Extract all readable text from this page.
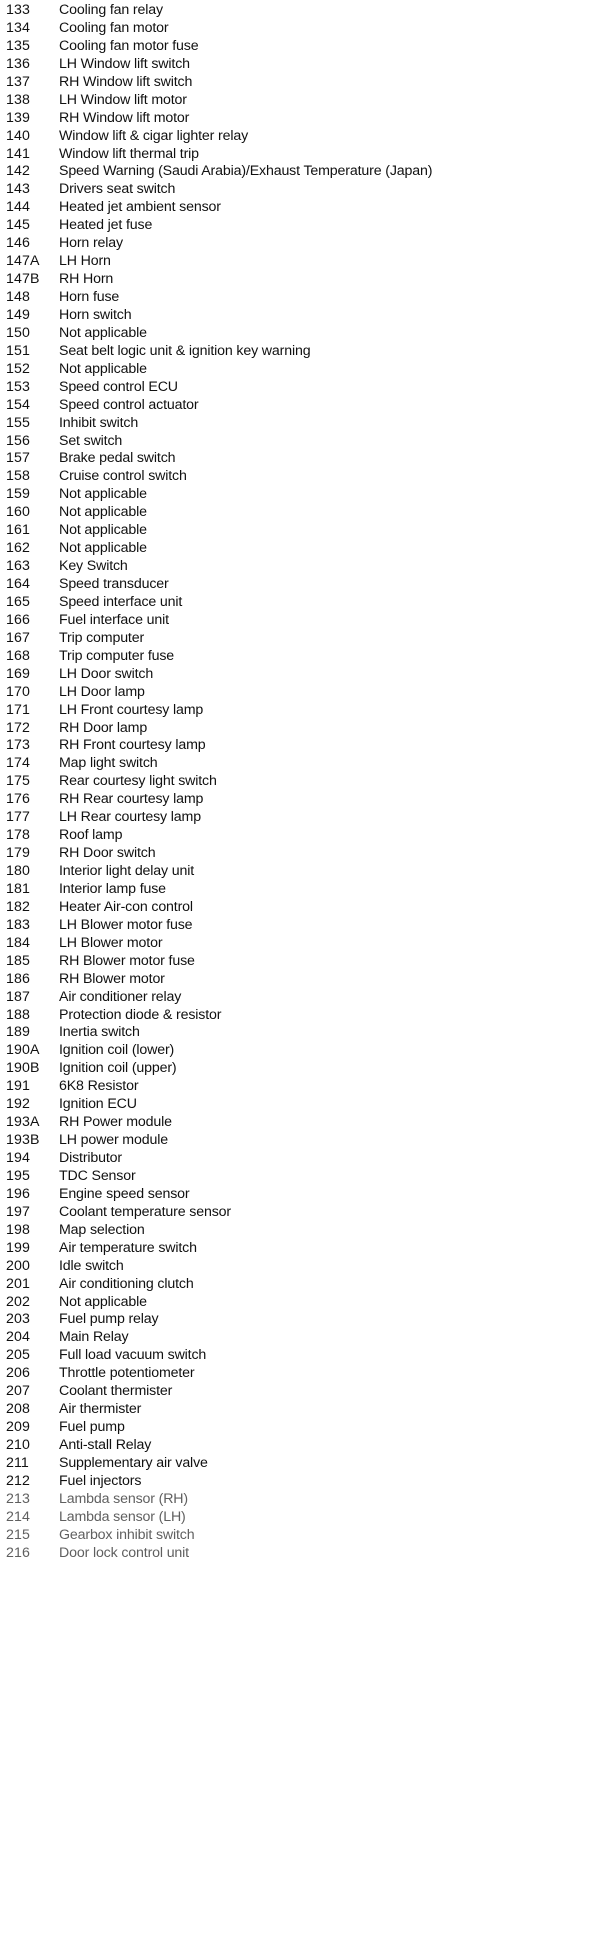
133	Cooling fan relay
134	Cooling fan motor
135	Cooling fan motor fuse
136	LH Window lift switch
137	RH Window lift switch
138	LH Window lift motor
139	RH Window lift motor
140	Window lift & cigar lighter relay
141	Window lift thermal trip
142	Speed Warning (Saudi Arabia)/Exhaust Temperature (Japan)
143	Drivers seat switch
144	Heated jet ambient sensor
145	Heated jet fuse
146	Horn relay
147A	LH Horn
147B	RH Horn
148	Horn fuse
149	Horn switch
150	Not applicable
151	Seat belt logic unit & ignition key warning
152	Not applicable
153	Speed control ECU
154	Speed control actuator
155	Inhibit switch
156	Set switch
157	Brake pedal switch
158	Cruise control switch
159	Not applicable
160	Not applicable
161	Not applicable
162	Not applicable
163	Key Switch
164	Speed transducer
165	Speed interface unit
166	Fuel interface unit
167	Trip computer
168	Trip computer fuse
169	LH Door switch
170	LH Door lamp
171	LH Front courtesy lamp
172	RH Door lamp
173	RH Front courtesy lamp
174	Map light switch
175	Rear courtesy light switch
176	RH Rear courtesy lamp
177	LH Rear courtesy lamp
178	Roof lamp
179	RH Door switch
180	Interior light delay unit
181	Interior lamp fuse
182	Heater Air-con control
183	LH Blower motor fuse
184	LH Blower motor
185	RH Blower motor fuse
186	RH Blower motor
187	Air conditioner relay
188	Protection diode & resistor
189	Inertia switch
190A	Ignition coil (lower)
190B	Ignition coil (upper)
191	6K8 Resistor
192	Ignition ECU
193A	RH Power module
193B	LH power module
194	Distributor
195	TDC Sensor
196	Engine speed sensor
197	Coolant temperature sensor
198	Map selection
199	Air temperature switch
200	Idle switch
201	Air conditioning clutch
202	Not applicable
203	Fuel pump relay
204	Main Relay
205	Full load vacuum switch
206	Throttle potentiometer
207	Coolant thermister
208	Air thermister
209	Fuel pump
210	Anti-stall Relay
211	Supplementary air valve
212	Fuel injectors
213	Lambda sensor (RH)
214	Lambda sensor (LH)
215	Gearbox inhibit switch
216	Door lock control unit
